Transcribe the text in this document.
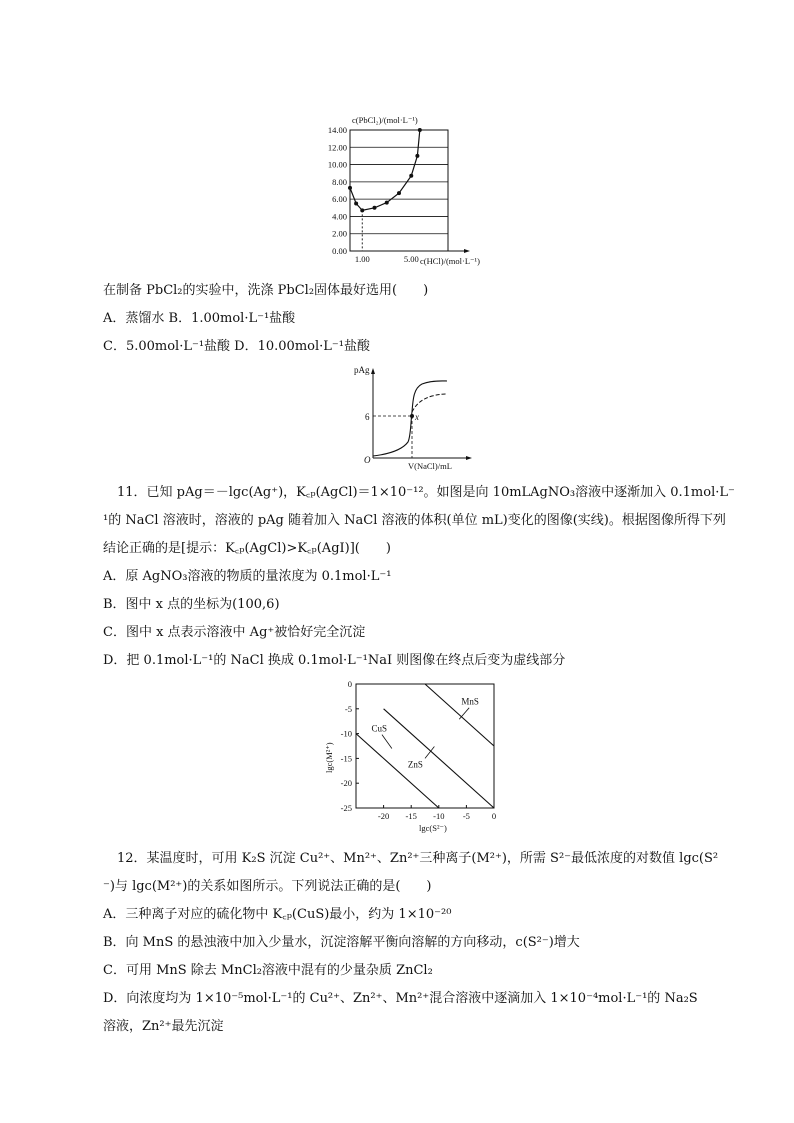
c(PbCl₂)/(mol·L⁻¹)
c(HCl)/(mol·L⁻¹)
14.00
12.00
10.00
8.00
6.00
4.00
2.00
0.00
1.00	5.00
在制备 PbCl₂的实验中，洗涤 PbCl₂固体最好选用(　　)
A．蒸馏水 B．1.00mol·L⁻¹盐酸
C．5.00mol·L⁻¹盐酸 D．10.00mol·L⁻¹盐酸
pAg
O
V(NaCl)/mL
6	x
11．已知 pAg＝－lgc(Ag⁺)，K꜀ₚ(AgCl)＝1×10⁻¹²。如图是向 10mLAgNO₃溶液中逐渐加入 0.1mol·L⁻
¹的 NaCl 溶液时，溶液的 pAg 随着加入 NaCl 溶液的体积(单位 mL)变化的图像(实线)。根据图像所得下列
结论正确的是[提示：K꜀ₚ(AgCl)>K꜀ₚ(AgI)](　　)
A．原 AgNO₃溶液的物质的量浓度为 0.1mol·L⁻¹
B．图中 x 点的坐标为(100,6)
C．图中 x 点表示溶液中 Ag⁺被恰好完全沉淀
D．把 0.1mol·L⁻¹的 NaCl 换成 0.1mol·L⁻¹NaI 则图像在终点后变为虚线部分
0
-5
-10
-15
-20
-25
-20 -15 -10 -5	0
CuS
ZnS
MnS
lgc(M²⁺)
lgc(S²⁻)
12．某温度时，可用 K₂S 沉淀 Cu²⁺、Mn²⁺、Zn²⁺三种离子(M²⁺)，所需 S²⁻最低浓度的对数值 lgc(S²
⁻)与 lgc(M²⁺)的关系如图所示。下列说法正确的是(　　)
A．三种离子对应的硫化物中 K꜀ₚ(CuS)最小，约为 1×10⁻²⁰
B．向 MnS 的悬浊液中加入少量水，沉淀溶解平衡向溶解的方向移动，c(S²⁻)增大
C．可用 MnS 除去 MnCl₂溶液中混有的少量杂质 ZnCl₂
D．向浓度均为 1×10⁻⁵mol·L⁻¹的 Cu²⁺、Zn²⁺、Mn²⁺混合溶液中逐滴加入 1×10⁻⁴mol·L⁻¹的 Na₂S
溶液，Zn²⁺最先沉淀
